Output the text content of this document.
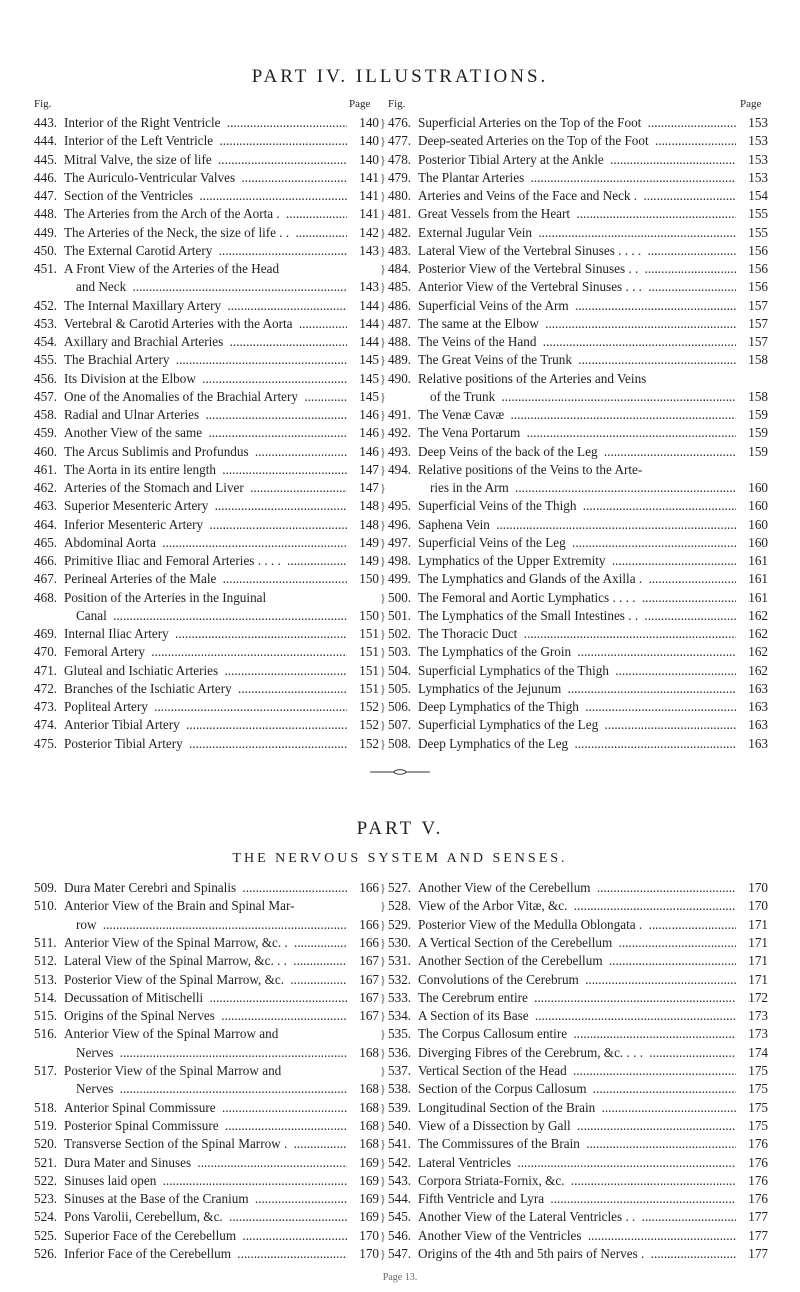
PART IV. ILLUSTRATIONS.
Fig.	Page Fig.	Page
443. Interior of the Right Ventricle .....	140
444. Interior of the Left Ventricle .....	140
445. Mitral Valve, the size of life .....	140
446. The Auriculo-Ventricular Valves .....	141
447. Section of the Ventricles .....	141
448. The Arteries from the Arch of the Aorta . .....	141
449. The Arteries of the Neck, the size of life . . .....	142
450. The External Carotid Artery .....	143
451. A Front View of the Arteries of the Head
and Neck .....	143
452. The Internal Maxillary Artery .....	144
453. Vertebral & Carotid Arteries with the Aorta .....	144
454. Axillary and Brachial Arteries .....	144
455. The Brachial Artery .....	145
456. Its Division at the Elbow .....	145
457. One of the Anomalies of the Brachial Artery .....	145
458. Radial and Ulnar Arteries .....	146
459. Another View of the same .....	146
460. The Arcus Sublimis and Profundus .....	146
461. The Aorta in its entire length .....	147
462. Arteries of the Stomach and Liver .....	147
463. Superior Mesenteric Artery .....	148
464. Inferior Mesenteric Artery .....	148
465. Abdominal Aorta .....	149
466. Primitive Iliac and Femoral Arteries . . . . .....	149
467. Perineal Arteries of the Male .....	150
468. Position of the Arteries in the Inguinal
Canal .....	150
469. Internal Iliac Artery .....	151
470. Femoral Artery .....	151
471. Gluteal and Ischiatic Arteries .....	151
472. Branches of the Ischiatic Artery .....	151
473. Popliteal Artery .....	152
474. Anterior Tibial Artery .....	152
475. Posterior Tibial Artery .....	152
476. Superficial Arteries on the Top of the Foot .....	153
477. Deep-seated Arteries on the Top of the Foot .....	153
478. Posterior Tibial Artery at the Ankle .....	153
479. The Plantar Arteries .....	153
480. Arteries and Veins of the Face and Neck . .....	154
481. Great Vessels from the Heart .....	155
482. External Jugular Vein .....	155
483. Lateral View of the Vertebral Sinuses . . . . .....	156
484. Posterior View of the Vertebral Sinuses . . .....	156
485. Anterior View of the Vertebral Sinuses . . . .....	156
486. Superficial Veins of the Arm .....	157
487. The same at the Elbow .....	157
488. The Veins of the Hand .....	157
489. The Great Veins of the Trunk .....	158
490. Relative positions of the Arteries and Veins
of the Trunk .....	158
491. The Venæ Cavæ .....	159
492. The Vena Portarum .....	159
493. Deep Veins of the back of the Leg .....	159
494. Relative positions of the Veins to the Arte-
ries in the Arm .....	160
495. Superficial Veins of the Thigh .....	160
496. Saphena Vein .....	160
497. Superficial Veins of the Leg .....	160
498. Lymphatics of the Upper Extremity .....	161
499. The Lymphatics and Glands of the Axilla . .....	161
500. The Femoral and Aortic Lymphatics . . . . .....	161
501. The Lymphatics of the Small Intestines . . .....	162
502. The Thoracic Duct .....	162
503. The Lymphatics of the Groin .....	162
504. Superficial Lymphatics of the Thigh .....	162
505. Lymphatics of the Jejunum .....	163
506. Deep Lymphatics of the Thigh .....	163
507. Superficial Lymphatics of the Leg .....	163
508. Deep Lymphatics of the Leg .....	163
}
}
}
}
}
}
}
}
}
}
}
}
}
}
}
}
}
}
}
}
}
}
}
}
}
}
}
}
}
}
}
}
}
}
}
PART V.
THE NERVOUS SYSTEM AND SENSES.
509. Dura Mater Cerebri and Spinalis .....	166
510. Anterior View of the Brain and Spinal Mar-
row .....	166
511. Anterior View of the Spinal Marrow, &c. . .....	166
512. Lateral View of the Spinal Marrow, &c. . . .....	167
513. Posterior View of the Spinal Marrow, &c. .....	167
514. Decussation of Mitischelli .....	167
515. Origins of the Spinal Nerves .....	167
516. Anterior View of the Spinal Marrow and
Nerves .....	168
517. Posterior View of the Spinal Marrow and
Nerves .....	168
518. Anterior Spinal Commissure .....	168
519. Posterior Spinal Commissure .....	168
520. Transverse Section of the Spinal Marrow . .....	168
521. Dura Mater and Sinuses .....	169
522. Sinuses laid open .....	169
523. Sinuses at the Base of the Cranium .....	169
524. Pons Varolii, Cerebellum, &c. .....	169
525. Superior Face of the Cerebellum .....	170
526. Inferior Face of the Cerebellum .....	170
527. Another View of the Cerebellum .....	170
528. View of the Arbor Vitæ, &c. .....	170
529. Posterior View of the Medulla Oblongata . .....	171
530. A Vertical Section of the Cerebellum .....	171
531. Another Section of the Cerebellum .....	171
532. Convolutions of the Cerebrum .....	171
533. The Cerebrum entire .....	172
534. A Section of its Base .....	173
535. The Corpus Callosum entire .....	173
536. Diverging Fibres of the Cerebrum, &c. . . . .....	174
537. Vertical Section of the Head .....	175
538. Section of the Corpus Callosum .....	175
539. Longitudinal Section of the Brain .....	175
540. View of a Dissection by Gall .....	175
541. The Commissures of the Brain .....	176
542. Lateral Ventricles .....	176
543. Corpora Striata-Fornix, &c. .....	176
544. Fifth Ventricle and Lyra .....	176
545. Another View of the Lateral Ventricles . . .....	177
546. Another View of the Ventricles .....	177
547. Origins of the 4th and 5th pairs of Nerves . .....	177
}
}
}
}
}
}
}
}
}
}
}
}
}
}
}
}
}
}
}
}
}
Page 13.
